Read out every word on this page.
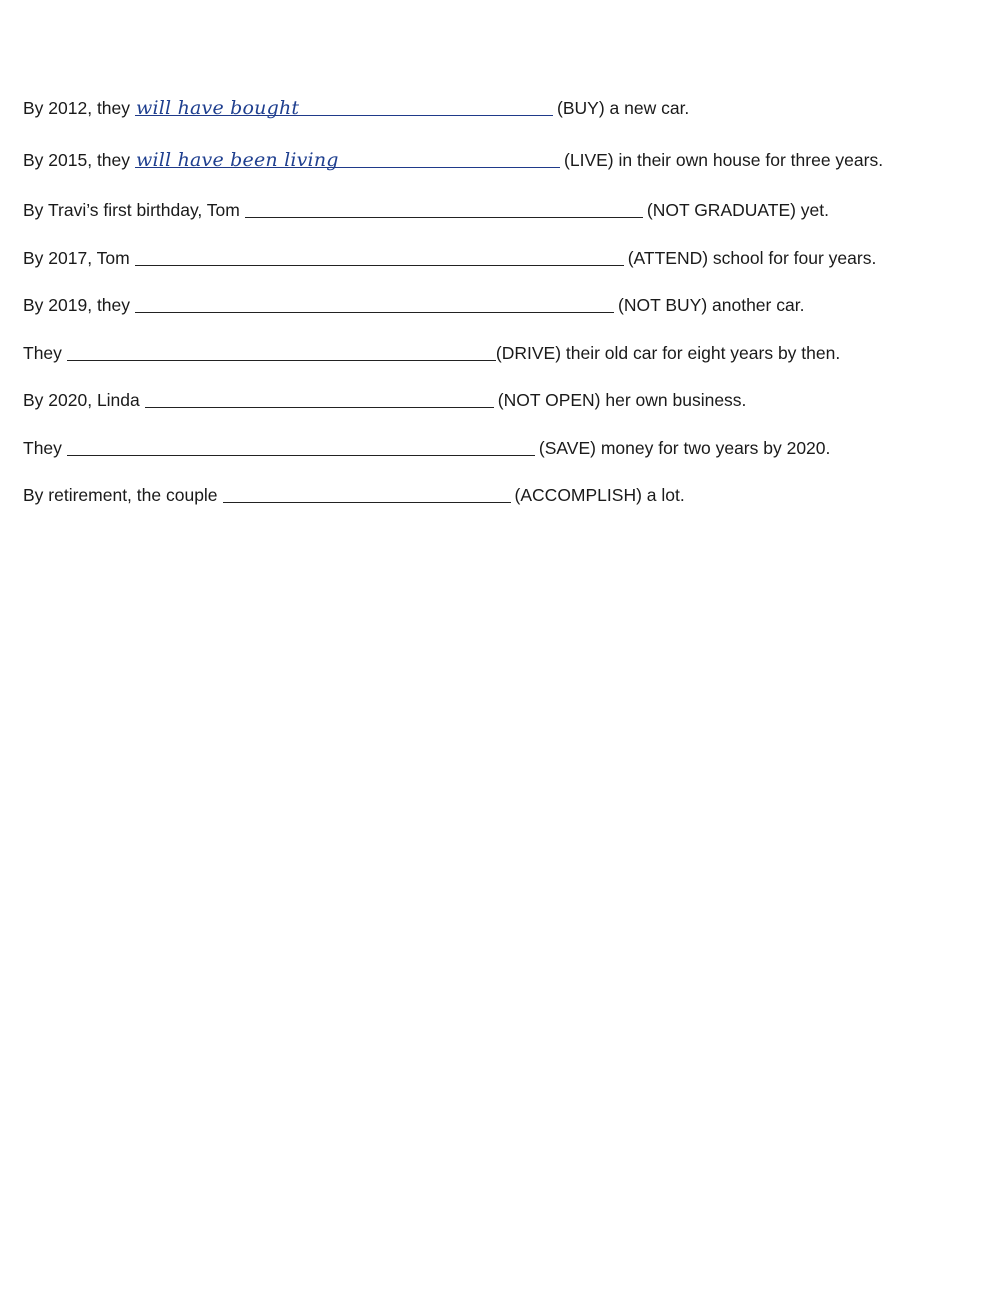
By 2012, they will have bought	(BUY) a new car.
By 2015, they will have been living	(LIVE) in their own house for three years.
By Travi’s first birthday, Tom	(NOT GRADUATE) yet.
By 2017, Tom	(ATTEND) school for four years.
By 2019, they	(NOT BUY) another car.
They	(DRIVE) their old car for eight years by then.
By 2020, Linda	(NOT OPEN) her own business.
They	(SAVE) money for two years by 2020.
By retirement, the couple	(ACCOMPLISH) a lot.
